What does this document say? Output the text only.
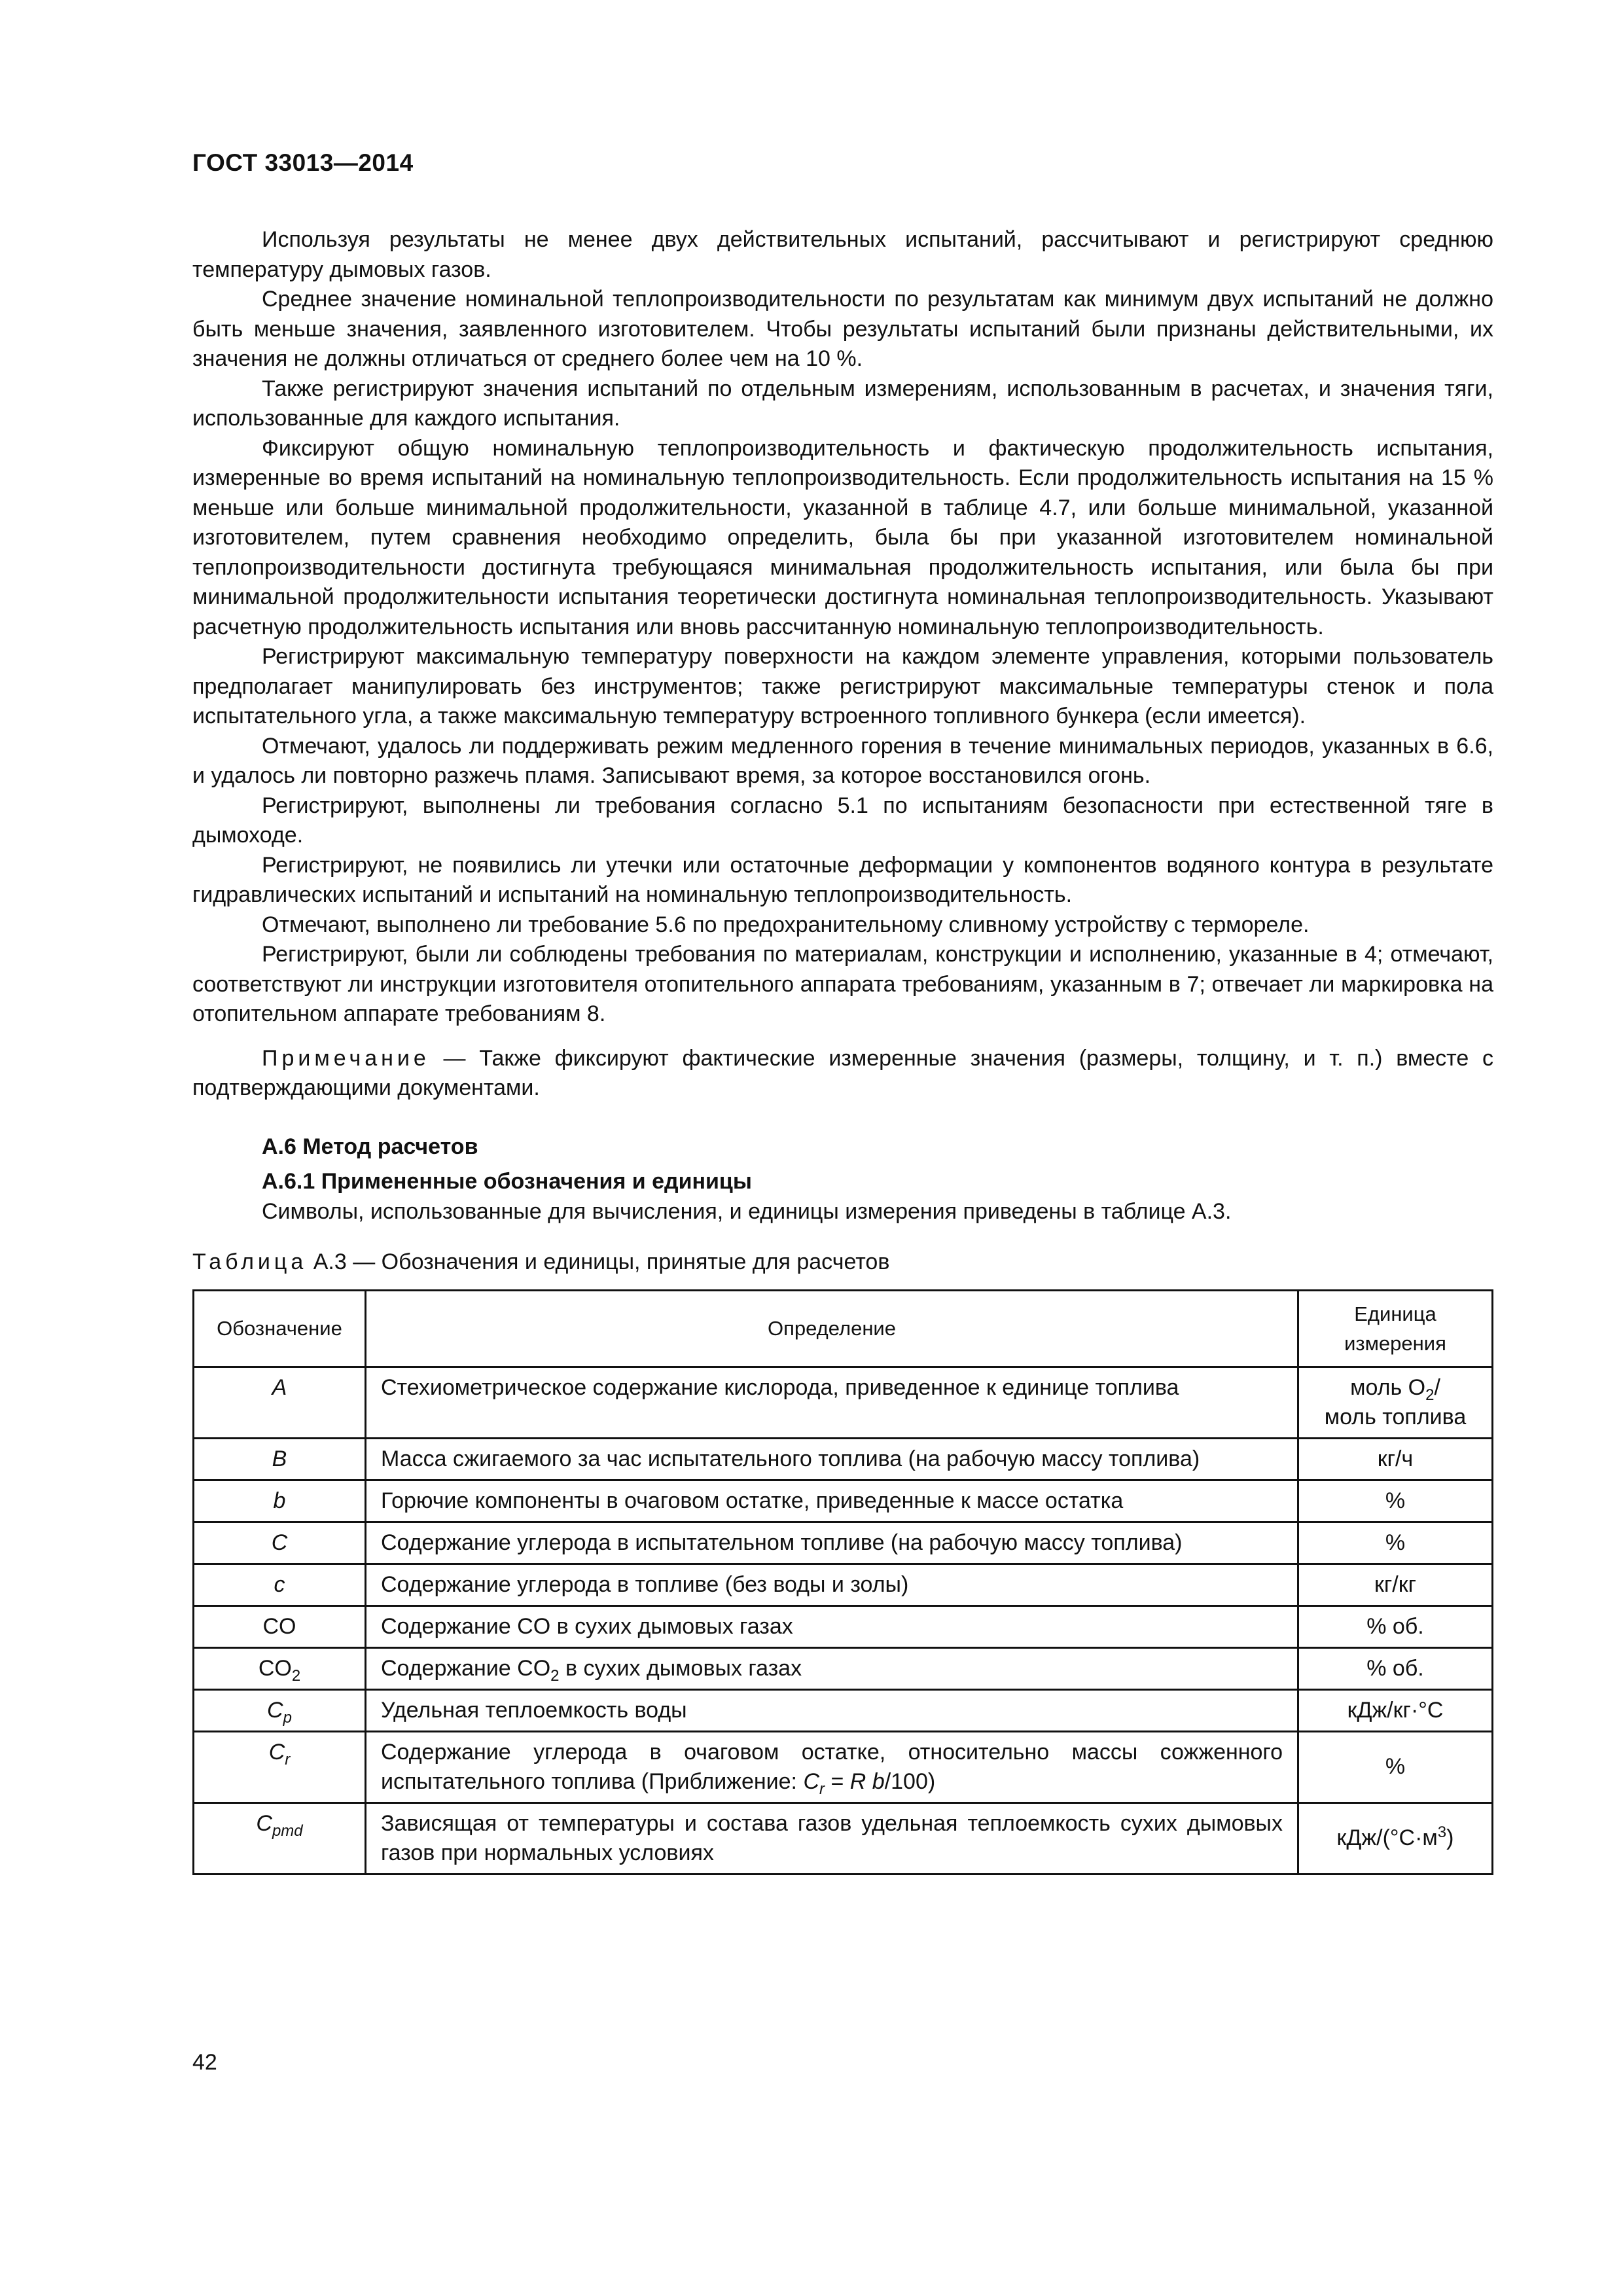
ГОСТ 33013—2014

Используя результаты не менее двух действительных испытаний, рассчитывают и регистрируют среднюю температуру дымовых газов.

Среднее значение номинальной теплопроизводительности по результатам как минимум двух испытаний не должно быть меньше значения, заявленного изготовителем. Чтобы результаты испытаний были признаны действительными, их значения не должны отличаться от среднего более чем на 10 %.

Также регистрируют значения испытаний по отдельным измерениям, использованным в расчетах, и значения тяги, использованные для каждого испытания.

Фиксируют общую номинальную теплопроизводительность и фактическую продолжительность испытания, измеренные во время испытаний на номинальную теплопроизводительность. Если продолжительность испытания на 15 % меньше или больше минимальной продолжительности, указанной в таблице 4.7, или больше минимальной, указанной изготовителем, путем сравнения необходимо определить, была бы при указанной изготовителем номинальной теплопроизводительности достигнута требующаяся минимальная продолжительность испытания, или была бы при минимальной продолжительности испытания теоретически достигнута номинальная теплопроизводительность. Указывают расчетную продолжительность испытания или вновь рассчитанную номинальную теплопроизводительность.

Регистрируют максимальную температуру поверхности на каждом элементе управления, которыми пользователь предполагает манипулировать без инструментов; также регистрируют максимальные температуры стенок и пола испытательного угла, а также максимальную температуру встроенного топливного бункера (если имеется).

Отмечают, удалось ли поддерживать режим медленного горения в течение минимальных периодов, указанных в 6.6, и удалось ли повторно разжечь пламя. Записывают время, за которое восстановился огонь.

Регистрируют, выполнены ли требования согласно 5.1 по испытаниям безопасности при естественной тяге в дымоходе.

Регистрируют, не появились ли утечки или остаточные деформации у компонентов водяного контура в результате гидравлических испытаний и испытаний на номинальную теплопроизводительность.

Отмечают, выполнено ли требование 5.6 по предохранительному сливному устройству с термореле.

Регистрируют, были ли соблюдены требования по материалам, конструкции и исполнению, указанные в 4; отмечают, соответствуют ли инструкции изготовителя отопительного аппарата требованиям, указанным в 7; отвечает ли маркировка на отопительном аппарате требованиям 8.

Примечание — Также фиксируют фактические измеренные значения (размеры, толщину, и т. п.) вместе с подтверждающими документами.

А.6 Метод расчетов

А.6.1 Примененные обозначения и единицы

Символы, использованные для вычисления, и единицы измерения приведены в таблице А.3.

Таблица А.3 — Обозначения и единицы, принятые для расчетов
Обозначение	Определение	Единица
измерения
A	Стехиометрическое содержание кислорода, приведенное к единице топлива	моль $O_2/$
моль топлива
B	Масса сжигаемого за час испытательного топлива (на рабочую массу топлива)	кг/ч
b	Горючие компоненты в очаговом остатке, приведенные к массе остатка	%
C	Содержание углерода в испытательном топливе (на рабочую массу топлива)	%
c	Содержание углерода в топливе (без воды и золы)	кг/кг
CO	Содержание CO в сухих дымовых газах	% об.
$CO_2$	Содержание $CO_2$ в сухих дымовых газах	% об.
$C_p$	Удельная теплоемкость воды	кДж/кг·°С
$C_r$	Содержание углерода в очаговом остатке, относительно массы сожженного испытательного топлива (Приближение: $C_r = R$ b/100)	%
$C_{pmd}$	Зависящая от температуры и состава газов удельная теплоемкость сухих дымовых газов при нормальных условиях	кДж/$(^\circ С\cdot м^3)$
42
